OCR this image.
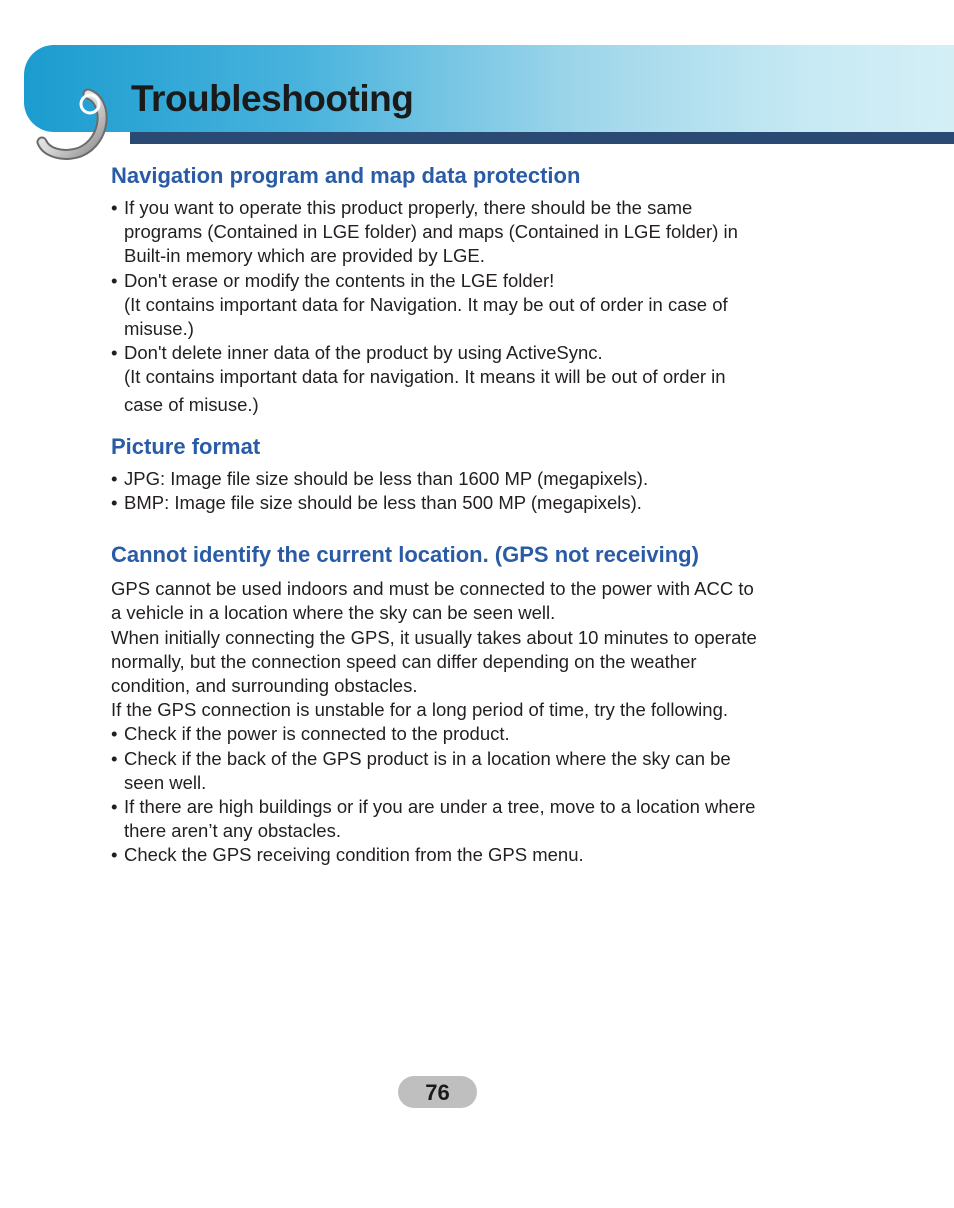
Troubleshooting
Navigation program and map data protection
• If you want to operate this product properly, there should be the same
programs (Contained in LGE folder) and maps (Contained in LGE folder) in
Built-in memory which are provided by LGE.
• Don't erase or modify the contents in the LGE folder!
(It contains important data for Navigation. It may be out of order in case of
misuse.)
• Don't delete inner data of the product by using ActiveSync.
(It contains important data for navigation. It means it will be out of order in
case of misuse.)
Picture format
• JPG: Image file size should be less than 1600 MP (megapixels).
• BMP: Image file size should be less than 500 MP (megapixels).
Cannot identify the current location. (GPS not receiving)

GPS cannot be used indoors and must be connected to the power with ACC to
a vehicle in a location where the sky can be seen well.

When initially connecting the GPS, it usually takes about 10 minutes to operate
normally, but the connection speed can differ depending on the weather
condition, and surrounding obstacles.

If the GPS connection is unstable for a long period of time, try the following.

• Check if the power is connected to the product.
• Check if the back of the GPS product is in a location where the sky can be
seen well.
• If there are high buildings or if you are under a tree, move to a location where
there aren’t any obstacles.
• Check the GPS receiving condition from the GPS menu.
76
